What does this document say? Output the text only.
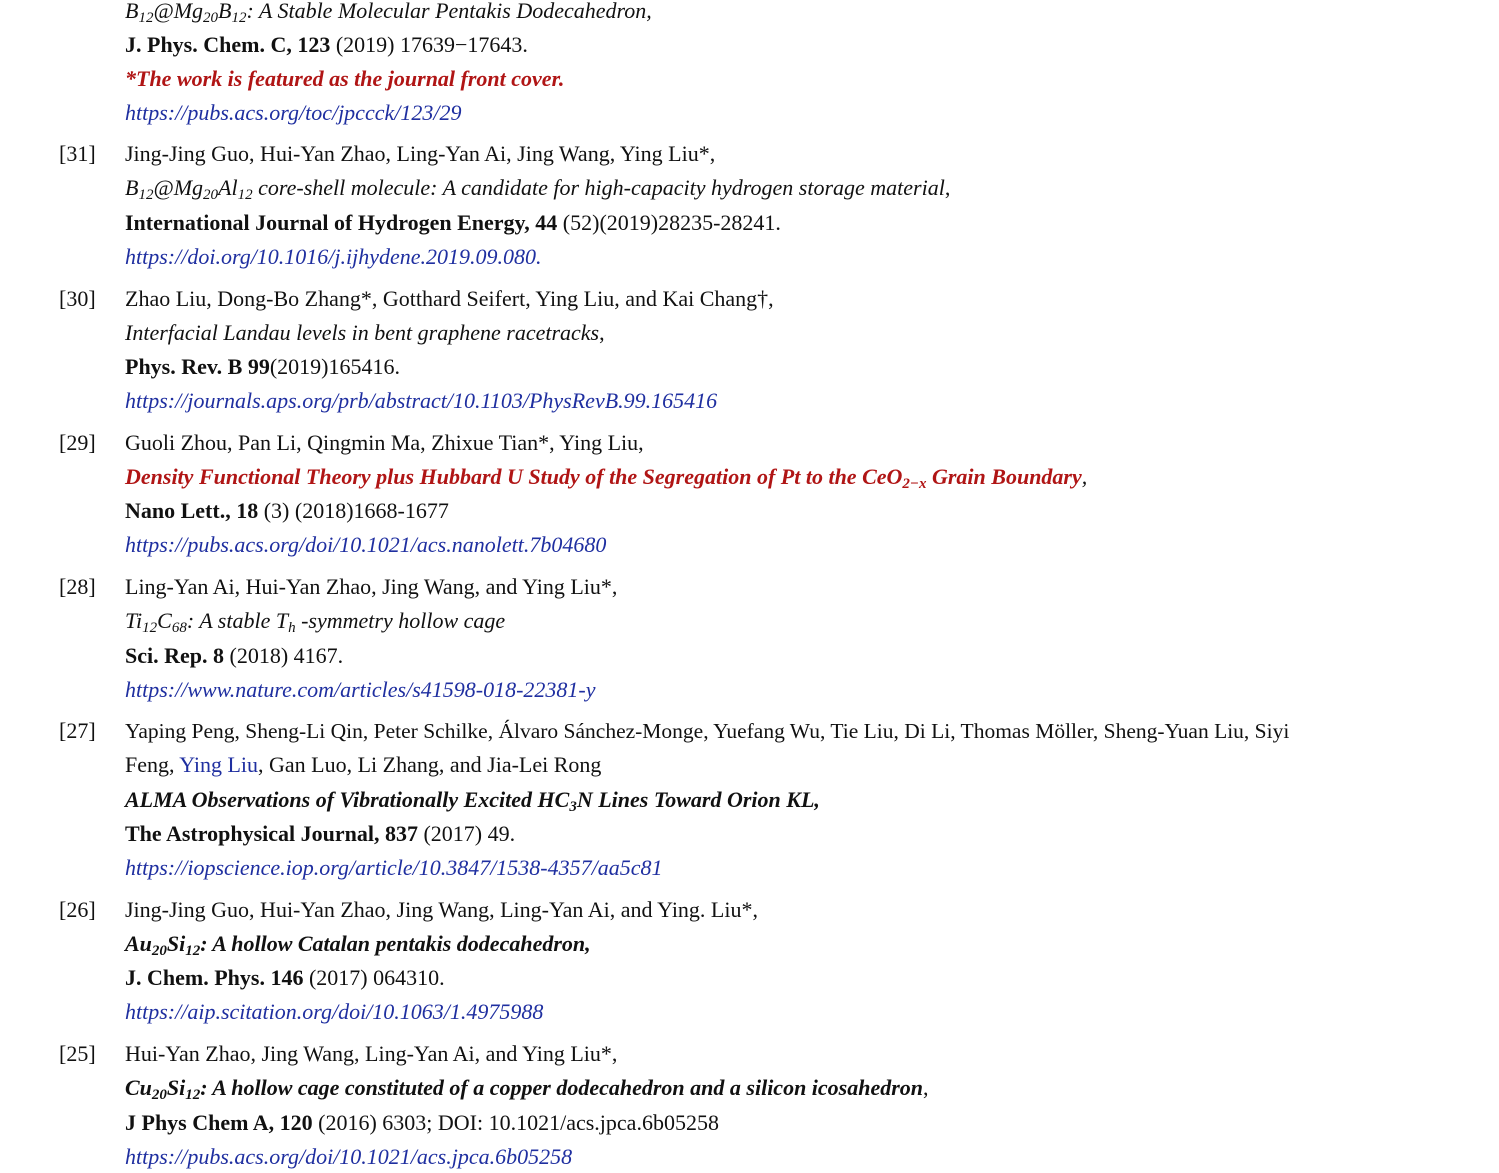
$B_{12}@Mg_{20}B_{12}$: A Stable Molecular Pentakis Dodecahedron,
J. Phys. Chem. C, 123 (2019) 17639−17643.
*The work is featured as the journal front cover.
https://pubs.acs.org/toc/jpccck/123/29
[31] Jing-Jing Guo, Hui-Yan Zhao, Ling-Yan Ai, Jing Wang, Ying Liu*,
$B_{12}@Mg_{20}Al_{12}$ core-shell molecule: A candidate for high-capacity hydrogen storage material,
International Journal of Hydrogen Energy, 44 (52)(2019)28235-28241.
https://doi.org/10.1016/j.ijhydene.2019.09.080.
[30] Zhao Liu, Dong-Bo Zhang*, Gotthard Seifert, Ying Liu, and Kai Chang†,
Interfacial Landau levels in bent graphene racetracks,
Phys. Rev. B 99(2019)165416.
https://journals.aps.org/prb/abstract/10.1103/PhysRevB.99.165416
[29] Guoli Zhou, Pan Li, Qingmin Ma, Zhixue Tian*, Ying Liu,
Density Functional Theory plus Hubbard U Study of the Segregation of Pt to the CeO$_{2-x}$ Grain Boundary,
Nano Lett., 18 (3) (2018)1668-1677
https://pubs.acs.org/doi/10.1021/acs.nanolett.7b04680
[28] Ling-Yan Ai, Hui-Yan Zhao, Jing Wang, and Ying Liu*,
$Ti_{12}C_{68}$: A stable $T_h$ -symmetry hollow cage
Sci. Rep. 8 (2018) 4167.
https://www.nature.com/articles/s41598-018-22381-y
[27] Yaping Peng, Sheng-Li Qin, Peter Schilke, Álvaro Sánchez-Monge, Yuefang Wu, Tie Liu, Di Li, Thomas Möller, Sheng-Yuan Liu, Siyi
Feng, Ying Liu, Gan Luo, Li Zhang, and Jia-Lei Rong
ALMA Observations of Vibrationally Excited $HC_3N$ Lines Toward Orion KL,
The Astrophysical Journal, 837 (2017) 49.
https://iopscience.iop.org/article/10.3847/1538-4357/aa5c81
[26] Jing-Jing Guo, Hui-Yan Zhao, Jing Wang, Ling-Yan Ai, and Ying. Liu*,
$Au_{20}Si_{12}$: A hollow Catalan pentakis dodecahedron,
J. Chem. Phys. 146 (2017) 064310.
https://aip.scitation.org/doi/10.1063/1.4975988
[25] Hui-Yan Zhao, Jing Wang, Ling-Yan Ai, and Ying Liu*,
$Cu_{20}Si_{12}$: A hollow cage constituted of a copper dodecahedron and a silicon icosahedron,
J Phys Chem A, 120 (2016) 6303; DOI: 10.1021/acs.jpca.6b05258
https://pubs.acs.org/doi/10.1021/acs.jpca.6b05258
